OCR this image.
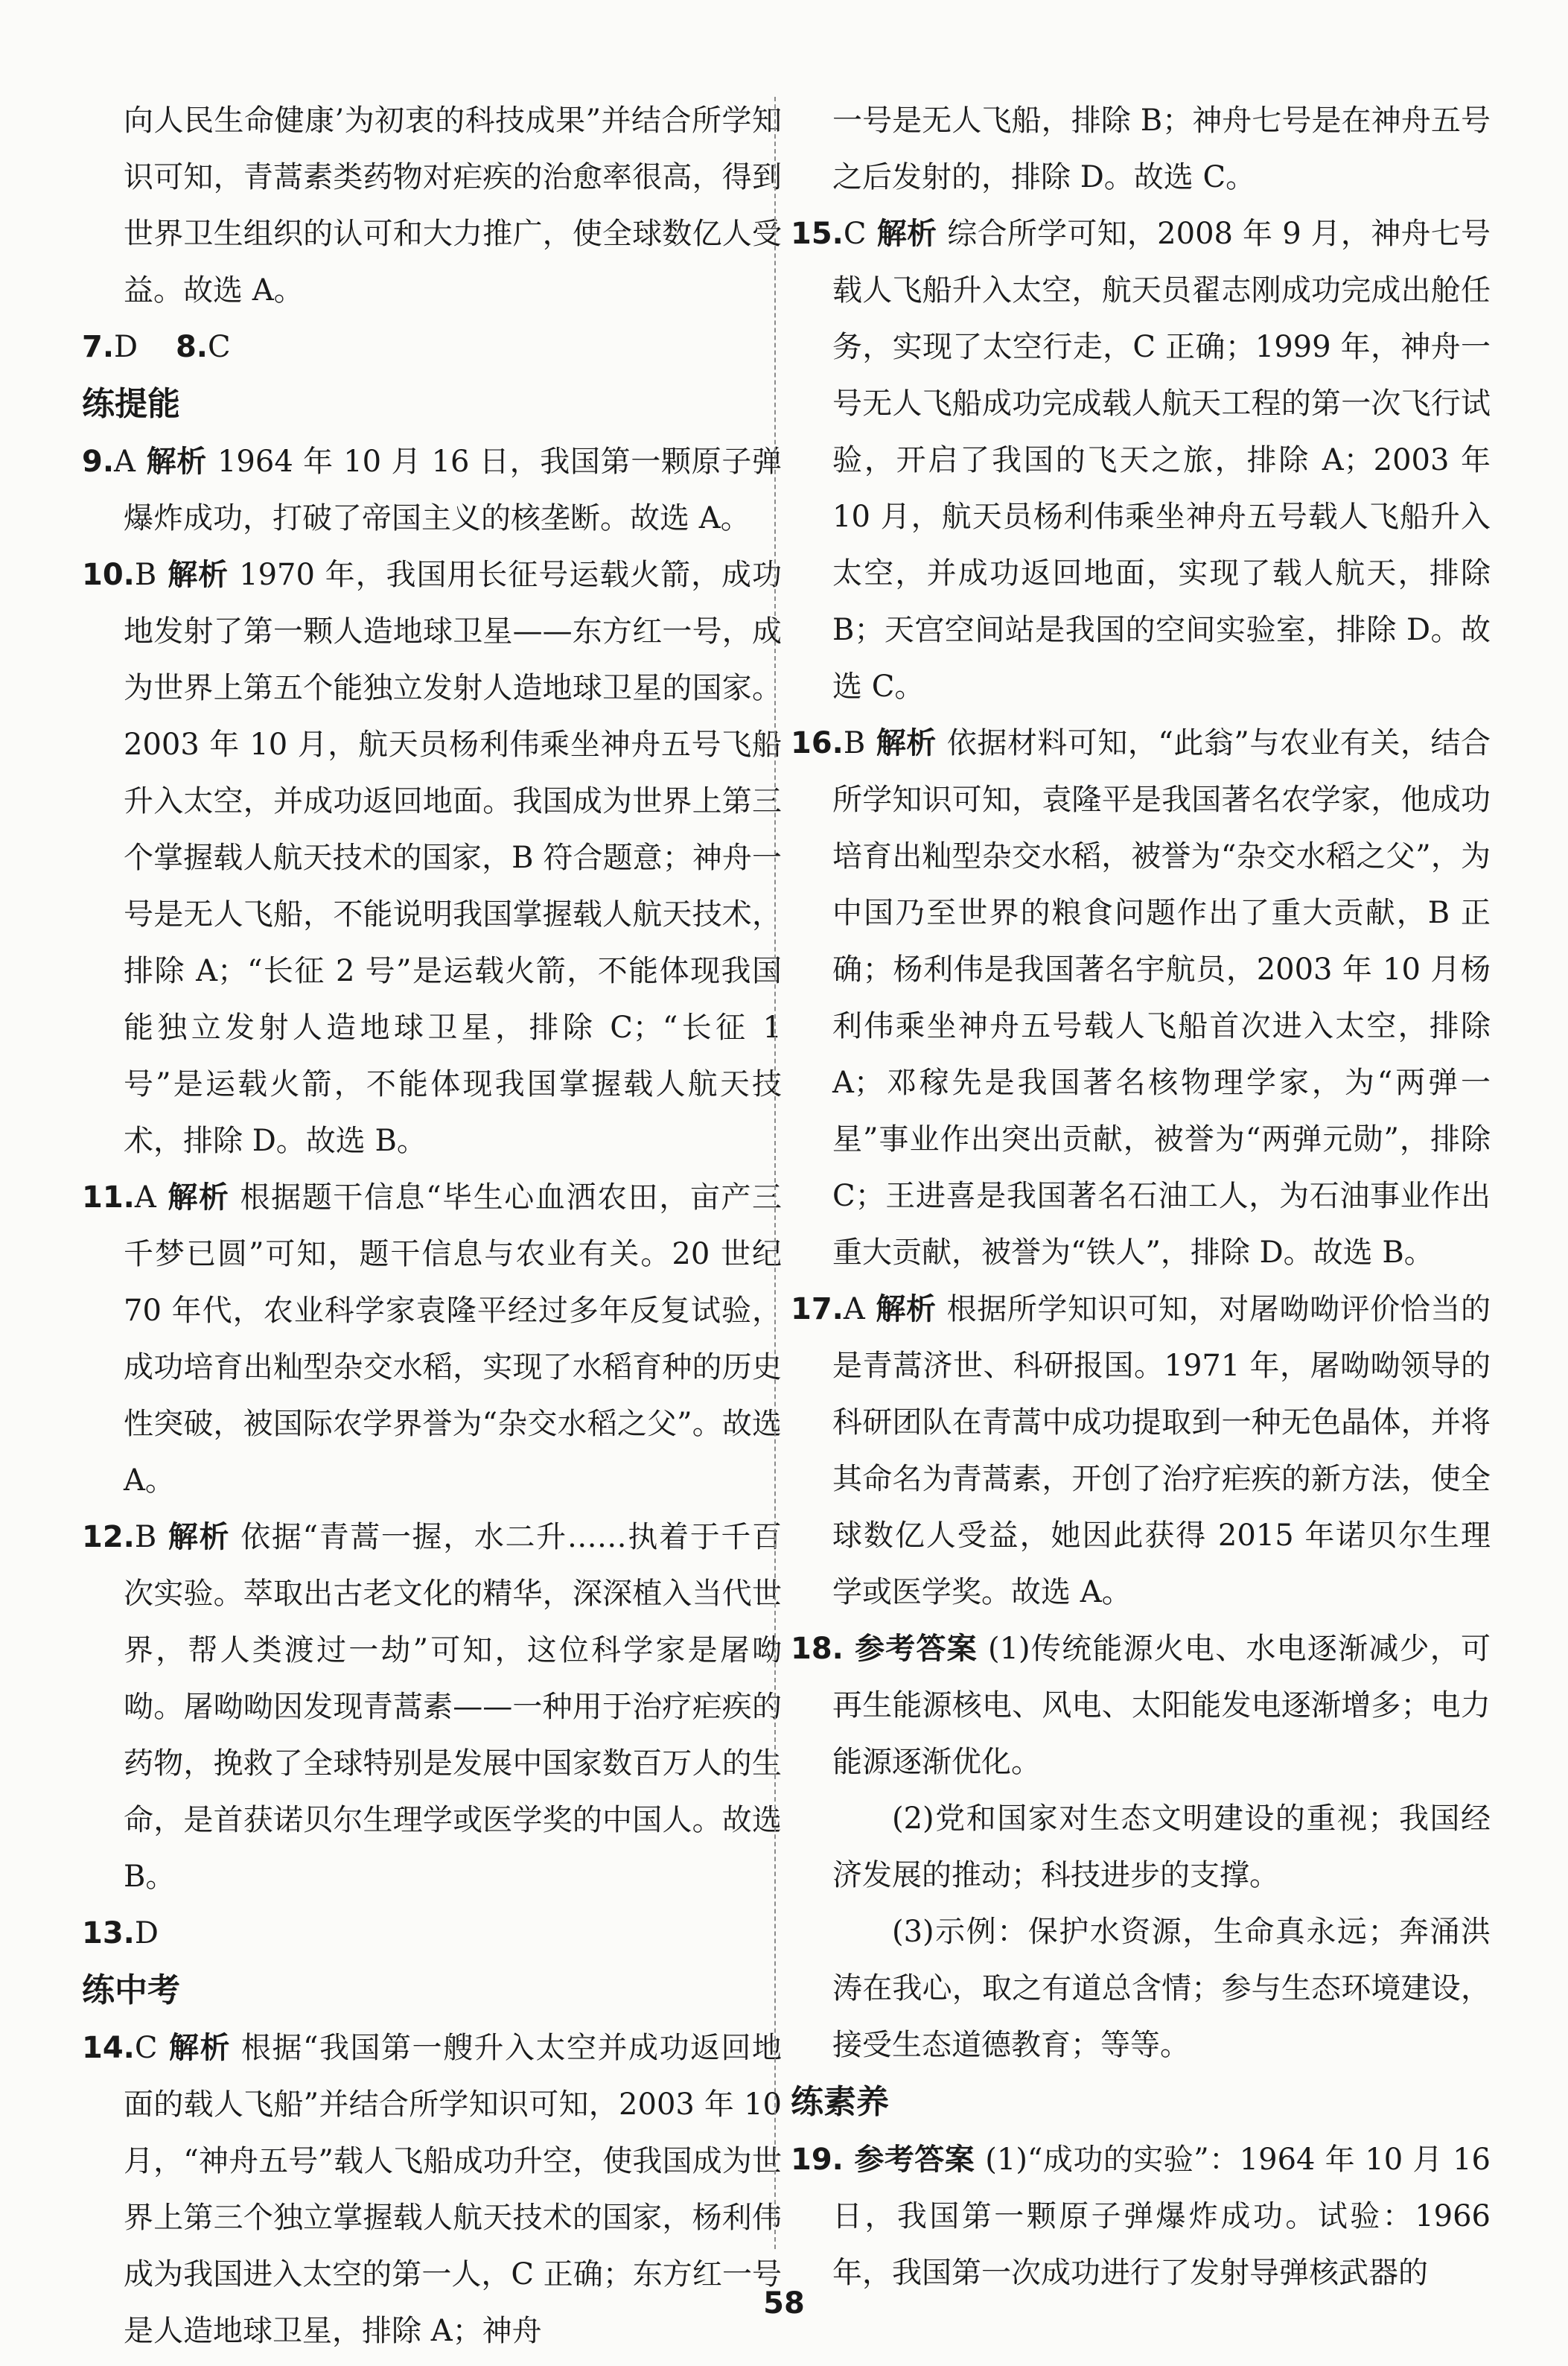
向人民生命健康’为初衷的科技成果”并结合所学知识可知，青蒿素类药物对疟疾的治愈率很高，得到世界卫生组织的认可和大力推广，使全球数亿人受益。故选 A。

7.D 8.C

练提能

9.A 解析 1964 年 10 月 16 日，我国第一颗原子弹爆炸成功，打破了帝国主义的核垄断。故选 A。

10.B 解析 1970 年，我国用长征号运载火箭，成功地发射了第一颗人造地球卫星——东方红一号，成为世界上第五个能独立发射人造地球卫星的国家。2003 年 10 月，航天员杨利伟乘坐神舟五号飞船升入太空，并成功返回地面。我国成为世界上第三个掌握载人航天技术的国家，B 符合题意；神舟一号是无人飞船，不能说明我国掌握载人航天技术，排除 A；“长征 2 号”是运载火箭，不能体现我国能独立发射人造地球卫星，排除 C；“长征 1 号”是运载火箭，不能体现我国掌握载人航天技术，排除 D。故选 B。

11.A 解析 根据题干信息“毕生心血洒农田，亩产三千梦已圆”可知，题干信息与农业有关。20 世纪 70 年代，农业科学家袁隆平经过多年反复试验，成功培育出籼型杂交水稻，实现了水稻育种的历史性突破，被国际农学界誉为“杂交水稻之父”。故选 A。

12.B 解析 依据“青蒿一握，水二升……执着于千百次实验。萃取出古老文化的精华，深深植入当代世界，帮人类渡过一劫”可知，这位科学家是屠呦呦。屠呦呦因发现青蒿素——一种用于治疗疟疾的药物，挽救了全球特别是发展中国家数百万人的生命，是首获诺贝尔生理学或医学奖的中国人。故选 B。

13.D

练中考

14.C 解析 根据“我国第一艘升入太空并成功返回地面的载人飞船”并结合所学知识可知，2003 年 10 月，“神舟五号”载人飞船成功升空，使我国成为世界上第三个独立掌握载人航天技术的国家，杨利伟成为我国进入太空的第一人，C 正确；东方红一号是人造地球卫星，排除 A；神舟

一号是无人飞船，排除 B；神舟七号是在神舟五号之后发射的，排除 D。故选 C。

15.C 解析 综合所学可知，2008 年 9 月，神舟七号载人飞船升入太空，航天员翟志刚成功完成出舱任务，实现了太空行走，C 正确；1999 年，神舟一号无人飞船成功完成载人航天工程的第一次飞行试验，开启了我国的飞天之旅，排除 A；2003 年 10 月，航天员杨利伟乘坐神舟五号载人飞船升入太空，并成功返回地面，实现了载人航天，排除 B；天宫空间站是我国的空间实验室，排除 D。故选 C。

16.B 解析 依据材料可知，“此翁”与农业有关，结合所学知识可知，袁隆平是我国著名农学家，他成功培育出籼型杂交水稻，被誉为“杂交水稻之父”，为中国乃至世界的粮食问题作出了重大贡献，B 正确；杨利伟是我国著名宇航员，2003 年 10 月杨利伟乘坐神舟五号载人飞船首次进入太空，排除 A；邓稼先是我国著名核物理学家，为“两弹一星”事业作出突出贡献，被誉为“两弹元勋”，排除 C；王进喜是我国著名石油工人，为石油事业作出重大贡献，被誉为“铁人”，排除 D。故选 B。

17.A 解析 根据所学知识可知，对屠呦呦评价恰当的是青蒿济世、科研报国。1971 年，屠呦呦领导的科研团队在青蒿中成功提取到一种无色晶体，并将其命名为青蒿素，开创了治疗疟疾的新方法，使全球数亿人受益，她因此获得 2015 年诺贝尔生理学或医学奖。故选 A。

18. 参考答案 (1)传统能源火电、水电逐渐减少，可再生能源核电、风电、太阳能发电逐渐增多；电力能源逐渐优化。

(2)党和国家对生态文明建设的重视；我国经济发展的推动；科技进步的支撑。

(3)示例：保护水资源，生命真永远；奔涌洪涛在我心，取之有道总含情；参与生态环境建设，接受生态道德教育；等等。

练素养

19. 参考答案 (1)“成功的实验”：1964 年 10 月 16 日，我国第一颗原子弹爆炸成功。试验：1966 年，我国第一次成功进行了发射导弹核武器的

58
